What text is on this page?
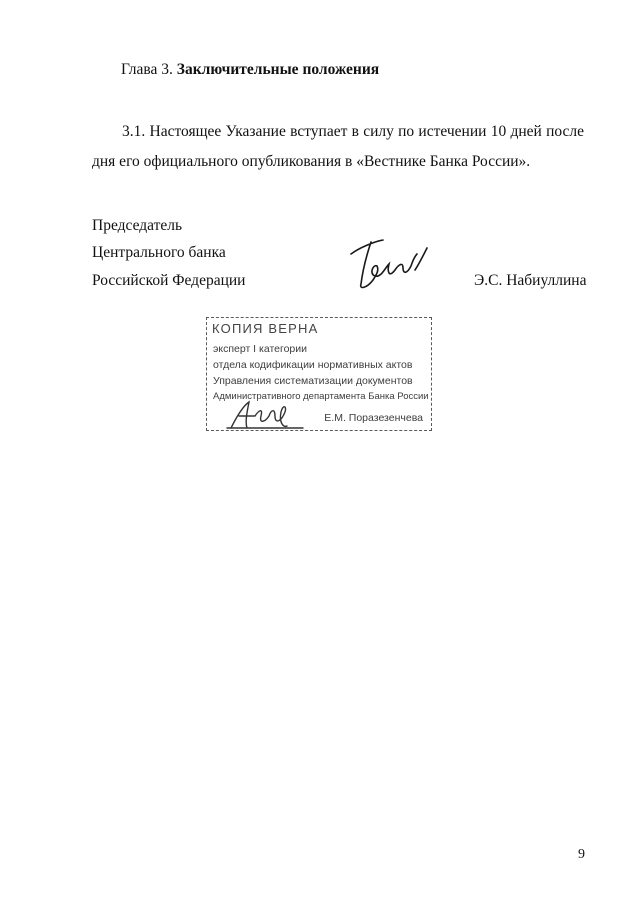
Глава 3. Заключительные положения
3.1. Настоящее Указание вступает в силу по истечении 10 дней после дня его официального опубликования в «Вестнике Банка России».
Председатель
Центрального банка
Российской Федерации	Э.С. Набиуллина
КОПИЯ ВЕРНА
эксперт I категории
отдела кодификации нормативных актов
Управления систематизации документов
Административного департамента Банка России
Е.М. Поразезенчева
9
